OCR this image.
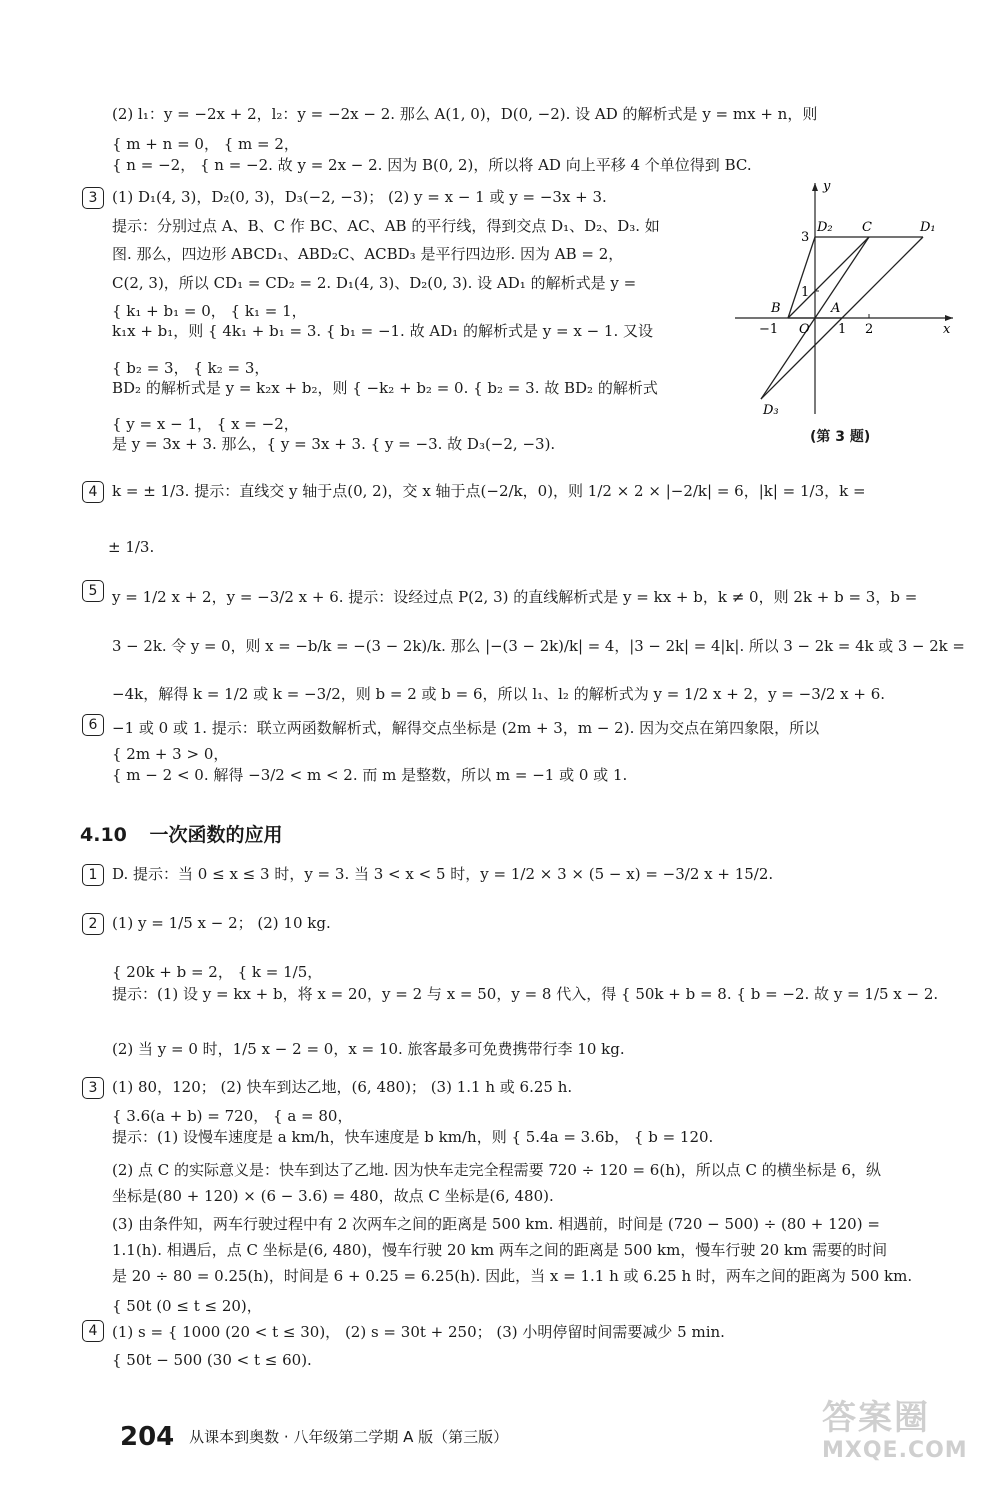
(2) l₁：y = −2x + 2，l₂：y = −2x − 2. 那么 A(1, 0)，D(0, −2). 设 AD 的解析式是 y = mx + n，则
{ m + n = 0， { m = 2，
{ n = −2， { n = −2. 故 y = 2x − 2. 因为 B(0, 2)，所以将 AD 向上平移 4 个单位得到 BC.
(1) D₁(4, 3)，D₂(0, 3)，D₃(−2, −3)； (2) y = x − 1 或 y = −3x + 3.
提示：分别过点 A、B、C 作 BC、AC、AB 的平行线，得到交点 D₁、D₂、D₃. 如
图. 那么，四边形 ABCD₁、ABD₂C、ACBD₃ 是平行四边形. 因为 AB = 2，
C(2, 3)，所以 CD₁ = CD₂ = 2. D₁(4, 3)、D₂(0, 3). 设 AD₁ 的解析式是 y =
{ k₁ + b₁ = 0， { k₁ = 1，
k₁x + b₁，则 { 4k₁ + b₁ = 3. { b₁ = −1. 故 AD₁ 的解析式是 y = x − 1. 又设
{ b₂ = 3， { k₂ = 3，
BD₂ 的解析式是 y = k₂x + b₂，则 { −k₂ + b₂ = 0. { b₂ = 3. 故 BD₂ 的解析式
{ y = x − 1， { x = −2，
是 y = 3x + 3. 那么，{ y = 3x + 3. { y = −3. 故 D₃(−2, −3).
k = ± 1/3. 提示：直线交 y 轴于点(0, 2)，交 x 轴于点(−2/k，0)，则 1/2 × 2 × |−2/k| = 6，|k| = 1/3，k =
± 1/3.
y = 1/2 x + 2，y = −3/2 x + 6. 提示：设经过点 P(2, 3) 的直线解析式是 y = kx + b，k ≠ 0，则 2k + b = 3，b =
3 − 2k. 令 y = 0，则 x = −b/k = −(3 − 2k)/k. 那么 |−(3 − 2k)/k| = 4，|3 − 2k| = 4|k|. 所以 3 − 2k = 4k 或 3 − 2k =
−4k，解得 k = 1/2 或 k = −3/2，则 b = 2 或 b = 6，所以 l₁、l₂ 的解析式为 y = 1/2 x + 2，y = −3/2 x + 6.
−1 或 0 或 1. 提示：联立两函数解析式，解得交点坐标是 (2m + 3，m − 2). 因为交点在第四象限，所以
{ 2m + 3 > 0，
{ m − 2 < 0. 解得 −3/2 < m < 2. 而 m 是整数，所以 m = −1 或 0 或 1.
D. 提示：当 0 ≤ x ≤ 3 时，y = 3. 当 3 < x < 5 时，y = 1/2 × 3 × (5 − x) = −3/2 x + 15/2.
(1) y = 1/5 x − 2； (2) 10 kg.
{ 20k + b = 2， { k = 1/5，
提示：(1) 设 y = kx + b，将 x = 20，y = 2 与 x = 50，y = 8 代入，得 { 50k + b = 8. { b = −2. 故 y = 1/5 x − 2.
(2) 当 y = 0 时，1/5 x − 2 = 0，x = 10. 旅客最多可免费携带行李 10 kg.
(1) 80，120； (2) 快车到达乙地，(6, 480)； (3) 1.1 h 或 6.25 h.
{ 3.6(a + b) = 720， { a = 80，
提示：(1) 设慢车速度是 a km/h，快车速度是 b km/h，则 { 5.4a = 3.6b， { b = 120.
(2) 点 C 的实际意义是：快车到达了乙地. 因为快车走完全程需要 720 ÷ 120 = 6(h)，所以点 C 的横坐标是 6，纵
坐标是(80 + 120) × (6 − 3.6) = 480，故点 C 坐标是(6, 480).
(3) 由条件知，两车行驶过程中有 2 次两车之间的距离是 500 km. 相遇前，时间是 (720 − 500) ÷ (80 + 120) =
1.1(h). 相遇后，点 C 坐标是(6, 480)，慢车行驶 20 km 两车之间的距离是 500 km，慢车行驶 20 km 需要的时间
是 20 ÷ 80 = 0.25(h)，时间是 6 + 0.25 = 6.25(h). 因此，当 x = 1.1 h 或 6.25 h 时，两车之间的距离为 500 km.
{ 50t (0 ≤ t ≤ 20)，
(1) s = { 1000 (20 < t ≤ 30)， (2) s = 30t + 250； (3) 小明停留时间需要减少 5 min.
{ 50t − 500 (30 < t ≤ 60).
3
4
5
6
1
2
3
4
4.10 一次函数的应用
y
x
D₂ C	D₁
B	A
O
D₃
3
1
−1	1 2
(第 3 题)
204 从课本到奥数 · 八年级第二学期 A 版（第三版）	答案圈
MXQE.COM
